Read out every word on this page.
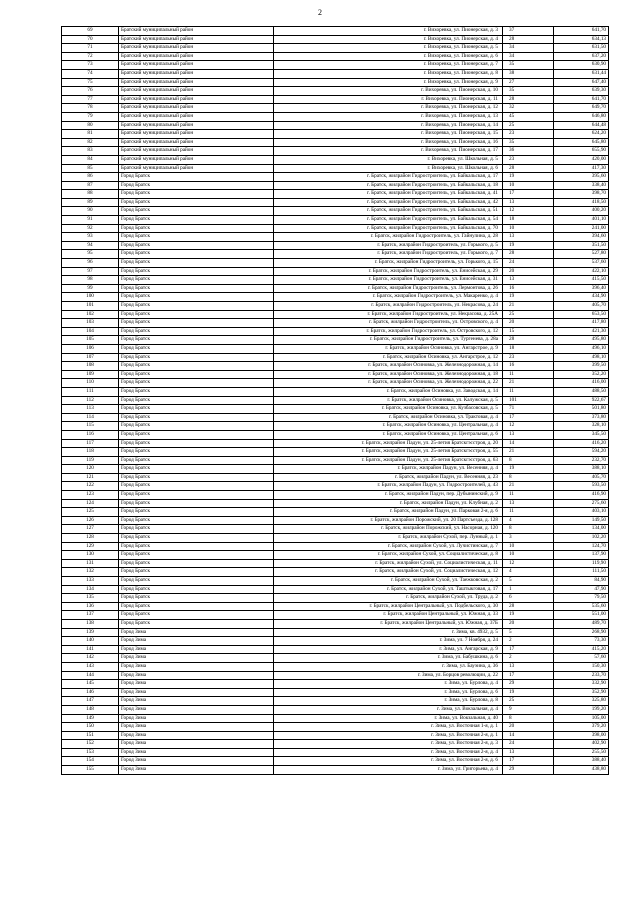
2
69	Братский муниципальный район	г. Вихоревка, ул. Пионерская, д. 3	37	641,70
70	Братский муниципальный район	г. Вихоревка, ул. Пионерская, д. 4	28	634,13
71	Братский муниципальный район	г. Вихоревка, ул. Пионерская, д. 5	34	631,50
72	Братский муниципальный район	г. Вихоревка, ул. Пионерская, д. 6	34	637,20
73	Братский муниципальный район	г. Вихоревка, ул. Пионерская, д. 7	35	630,90
74	Братский муниципальный район	г. Вихоревка, ул. Пионерская, д. 8	38	631,44
75	Братский муниципальный район	г. Вихоревка, ул. Пионерская, д. 9	27	647,40
76	Братский муниципальный район	г. Вихоревка, ул. Пионерская, д. 10	35	639,30
77	Братский муниципальный район	г. Вихоревка, ул. Пионерская, д. 11	28	641,70
78	Братский муниципальный район	г. Вихоревка, ул. Пионерская, д. 12	32	649,70
79	Братский муниципальный район	г. Вихоревка, ул. Пионерская, д. 13	45	646,80
80	Братский муниципальный район	г. Вихоревка, ул. Пионерская, д. 14	25	644,48
81	Братский муниципальный район	г. Вихоревка, ул. Пионерская, д. 15	23	624,20
82	Братский муниципальный район	г. Вихоревка, ул. Пионерская, д. 16	35	645,80
83	Братский муниципальный район	г. Вихоревка, ул. Пионерская, д. 17	36	655,90
84	Братский муниципальный район	г. Вихоревка, ул. Школьная, д. 5	23	420,00
85	Братский муниципальный район	г. Вихоревка, ул. Школьная, д. 6	28	417,30
86	Город Братск	г. Братск, жилрайон Гидростроитель, ул. Байкальская, д. 17	19	395,60
87	Город Братск	г. Братск, жилрайон Гидростроитель, ул. Байкальская, д. 18	10	338,40
88	Город Братск	г. Братск, жилрайон Гидростроитель, ул. Байкальская, д. 41	17	398,70
89	Город Братск	г. Братск, жилрайон Гидростроитель, ул. Байкальская, д. 42	13	418,50
90	Город Братск	г. Братск, жилрайон Гидростроитель, ул. Байкальская, д. 51	12	400,20
91	Город Братск	г. Братск, жилрайон Гидростроитель, ул. Байкальская, д. 54	18	401,10
92	Город Братск	г. Братск, жилрайон Гидростроитель, ул. Байкальская, д. 70	10	241,00
93	Город Братск	г. Братск, жилрайон Гидростроитель, ул. Гайнулина, д. 28	13	394,60
94	Город Братск	г. Братск, жилрайон Гидростроитель, ул. Горького, д. 5	19	351,50
95	Город Братск	г. Братск, жилрайон Гидростроитель, ул. Горького, д. 7	28	527,80
96	Город Братск	г. Братск, жилрайон Гидростроитель, ул. Горького, д. 15	24	537,60
97	Город Братск	г. Братск, жилрайон Гидростроитель, ул. Енисейская, д. 29	20	422,10
98	Город Братск	г. Братск, жилрайон Гидростроитель, ул. Енисейская, д. 31	13	415,50
99	Город Братск	г. Братск, жилрайон Гидростроитель, ул. Лермонтова, д. 26	16	396,40
100	Город Братск	г. Братск, жилрайон Гидростроитель, ул. Макаренко, д. 4	19	434,90
101	Город Братск	г. Братск, жилрайон Гидростроитель, ул. Некрасова, д. 24	21	405,70
102	Город Братск	г. Братск, жилрайон Гидростроитель, ул. Некрасова, д. 25А	25	653,50
103	Город Братск	г. Братск, жилрайон Гидростроитель, ул. Островского, д. 4	20	417,80
104	Город Братск	г. Братск, жилрайон Гидростроитель, ул. Островского, д. 12	15	421,30
105	Город Братск	г. Братск, жилрайон Гидростроитель, ул. Тургенева, д. 28а	28	495,80
106	Город Братск	г. Братск, жилрайон Осиновка, ул. Ангарстрое, д. 9	18	496,10
107	Город Братск	г. Братск, жилрайон Осиновка, ул. Ангарстрое, д. 12	23	498,10
108	Город Братск	г. Братск, жилрайон Осиновка, ул. Железнодорожная, д. 14	16	399,50
109	Город Братск	г. Братск, жилрайон Осиновка, ул. Железнодорожная, д. 18	11	352,20
110	Город Братск	г. Братск, жилрайон Осиновка, ул. Железнодорожная, д. 22	21	416,00
111	Город Братск	г. Братск, жилрайон Осиновка, ул. Заводская, д. 14	11	488,50
112	Город Братск	г. Братск, жилрайон Осиновка, ул. Калужская, д. 5	101	922,67
113	Город Братск	г. Братск, жилрайон Осиновка, ул. Кузбасовская, д. 5	71	501,80
114	Город Братск	г. Братск, жилрайон Осиновка, ул. Трактовая, д. 4	17	373,80
115	Город Братск	г. Братск, жилрайон Осиновка, ул. Центральная, д. 4	12	328,10
116	Город Братск	г. Братск, жилрайон Осиновка, ул. Центральная, д. 6	13	345,50
117	Город Братск	г. Братск, жилрайон Падун, ул. 25-летия Братскгэсстроя, д. 20	14	416,20
118	Город Братск	г. Братск, жилрайон Падун, ул. 25-летия Братскгэсстроя, д. 55	21	594,20
119	Город Братск	г. Братск, жилрайон Падун, ул. 25-летия Братскгэсстроя, д. 63	8	232,70
120	Город Братск	г. Братск, жилрайон Падун, ул. Весенняя, д. 4	19	388,10
121	Город Братск	г. Братск, жилрайон Падун, ул. Весенняя, д. 23	8	405,70
122	Город Братск	г. Братск, жилрайон Падун, ул. Гидростроителей, д. 43	21	593,50
123	Город Братск	г. Братск, жилрайон Падун, пер. Дубынинский, д. 9	11	416,90
124	Город Братск	г. Братск, жилрайон Падун, ул. Клубная, д. 2	13	275,60
125	Город Братск	г. Братск, жилрайон Падун, ул. Парковая 2-я, д. 6	11	403,10
126	Город Братск	г. Братск, жилрайон Порожский, ул. 20 Партсъезда, д. 128	4	149,50
127	Город Братск	г. Братск, жилрайон Порожский, ул. Насорная, д. 120	8	134,00
128	Город Братск	г. Братск, жилрайон Сухой, пер. Лунный, д. 1	3	102,20
129	Город Братск	г. Братск, жилрайон Сухой, ул. Лучистинская, д. 7	10	124,70
130	Город Братск	г. Братск, жилрайон Сухой, ул. Социалистическая, д. 8	10	137,90
131	Город Братск	г. Братск, жилрайон Сухой, ул. Социалистическая, д. 11	12	119,90
132	Город Братск	г. Братск, жилрайон Сухой, ул. Социалистическая, д. 12	4	111,50
133	Город Братск	г. Братск, жилрайон Сухой, ул. Таежковская, д. 2	5	84,90
134	Город Братск	г. Братск, жилрайон Сухой, ул. Таштыкговая, д. 17	1	47,90
135	Город Братск	г. Братск, жилрайон Сухой, ул. Труда, д. 2	6	79,50
136	Город Братск	г. Братск, жилрайон Центральный, ул. Подбельского, д. 30	28	535,60
137	Город Братск	г. Братск, жилрайон Центральный, ул. Южная, д. 33	19	551,00
138	Город Братск	г. Братск, жилрайон Центральный, ул. Южная, д. 37Б	20	489,70
139	Город Зима	г. Зима, кв. 4932, д. 5	5	268,90
140	Город Зима	г. Зима, ул. 7 Ноября, д. 24	2	73,30
141	Город Зима	г. Зима, ул. Ангарская, д. 9	17	415,20
142	Город Зима	г. Зима, ул. Бабушкина, д. 6	2	57,60
143	Город Зима	г. Зима, ул. Бауэина, д. 36	13	150,30
144	Город Зима	г. Зима, ул. Борцов революции, д. 22	17	233,70
145	Город Зима	г. Зима, ул. Бурлова, д. 4	29	332,90
146	Город Зима	г. Зима, ул. Бурлова, д. 6	19	352,90
147	Город Зима	г. Зима, ул. Бурлова, д. 8	25	325,80
148	Город Зима	г. Зима, ул. Вокзальная, д. 4	9	199,20
149	Город Зима	г. Зима, ул. Вокзальная, д. 40	8	105,00
150	Город Зима	г. Зима, ул. Восточная 1-я, д. 1	20	379,20
151	Город Зима	г. Зима, ул. Восточная 2-я, д. 1	14	398,00
152	Город Зима	г. Зима, ул. Восточная 2-я, д. 3	24	402,90
153	Город Зима	г. Зима, ул. Восточная 2-я, д. 4	13	255,50
154	Город Зима	г. Зима, ул. Восточная 2-я, д. 6	17	388,40
155	Город Зима	г. Зима, ул. Григорьева, д. 4	29	438,80
